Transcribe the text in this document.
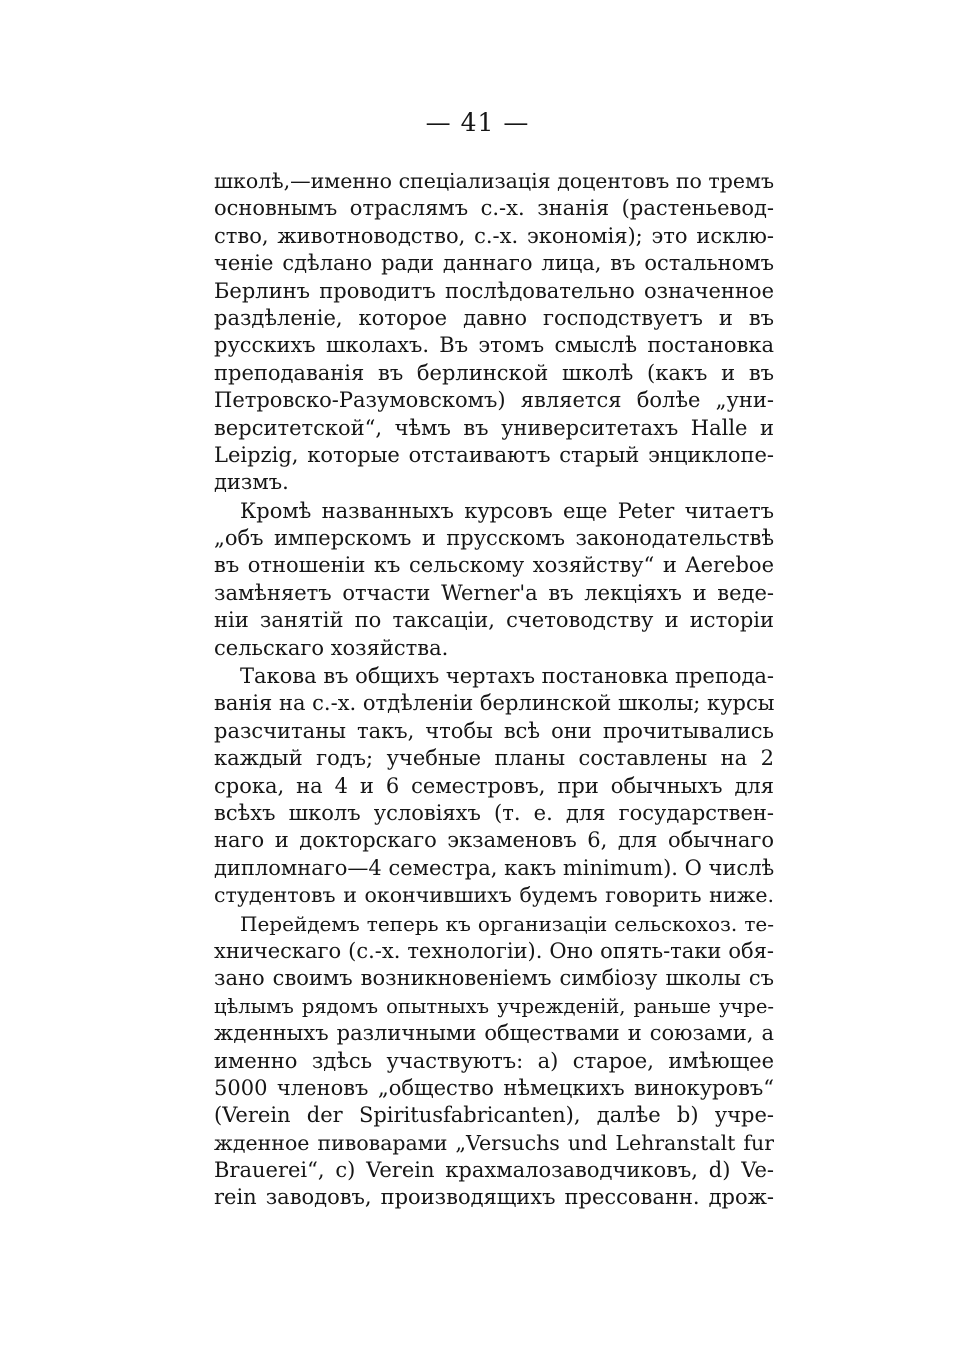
— 41 —
школѣ,—именно спеціализація доцентовъ по тремъ
основнымъ отраслямъ с.-х. знанія (растеньевод-
ство, животноводство, с.-х. экономія); это исклю-
ченіе сдѣлано ради даннаго лица, въ остальномъ
Берлинъ проводитъ послѣдовательно означенное
раздѣленіе, которое давно господствуетъ и въ
русскихъ школахъ. Въ этомъ смыслѣ постановка
преподаванія въ берлинской школѣ (какъ и въ
Петровско-Разумовскомъ) является болѣе „уни-
верситетской“, чѣмъ въ университетахъ Halle и
Leipzig, которые отстаиваютъ старый энциклопе-
дизмъ.
Кромѣ названныхъ курсовъ еще Peter читаетъ
„объ имперскомъ и прусскомъ законодательствѣ
въ отношеніи къ сельскому хозяйству“ и Aereboe
замѣняетъ отчасти Werner'а въ лекціяхъ и веде-
ніи занятій по таксаціи, счетоводству и исторіи
сельскаго хозяйства.
Такова въ общихъ чертахъ постановка препода-
ванія на с.-х. отдѣленіи берлинской школы; курсы
разсчитаны такъ, чтобы всѣ они прочитывались
каждый годъ; учебные планы составлены на 2
срока, на 4 и 6 семестровъ, при обычныхъ для
всѣхъ школъ условіяхъ (т. е. для государствен-
наго и докторскаго экзаменовъ 6, для обычнаго
дипломнаго—4 семестра, какъ minimum). О числѣ
студентовъ и окончившихъ будемъ говорить ниже.
Перейдемъ теперь къ организаціи сельскохоз. те-
хническаго (с.-х. технологіи). Оно опять-таки обя-
зано своимъ возникновеніемъ симбіозу школы съ
цѣлымъ рядомъ опытныхъ учрежденій, раньше учре-
жденныхъ различными обществами и союзами, а
именно здѣсь участвуютъ: a) старое, имѣющее
5000 членовъ „общество нѣмецкихъ винокуровъ“
(Verein der Spiritusfabricanten), далѣе b) учре-
жденное пивоварами „Versuchs und Lehranstalt fur
Brauerei“, c) Verein крахмалозаводчиковъ, d) Ve-
rein заводовъ, производящихъ прессованн. дрож-
